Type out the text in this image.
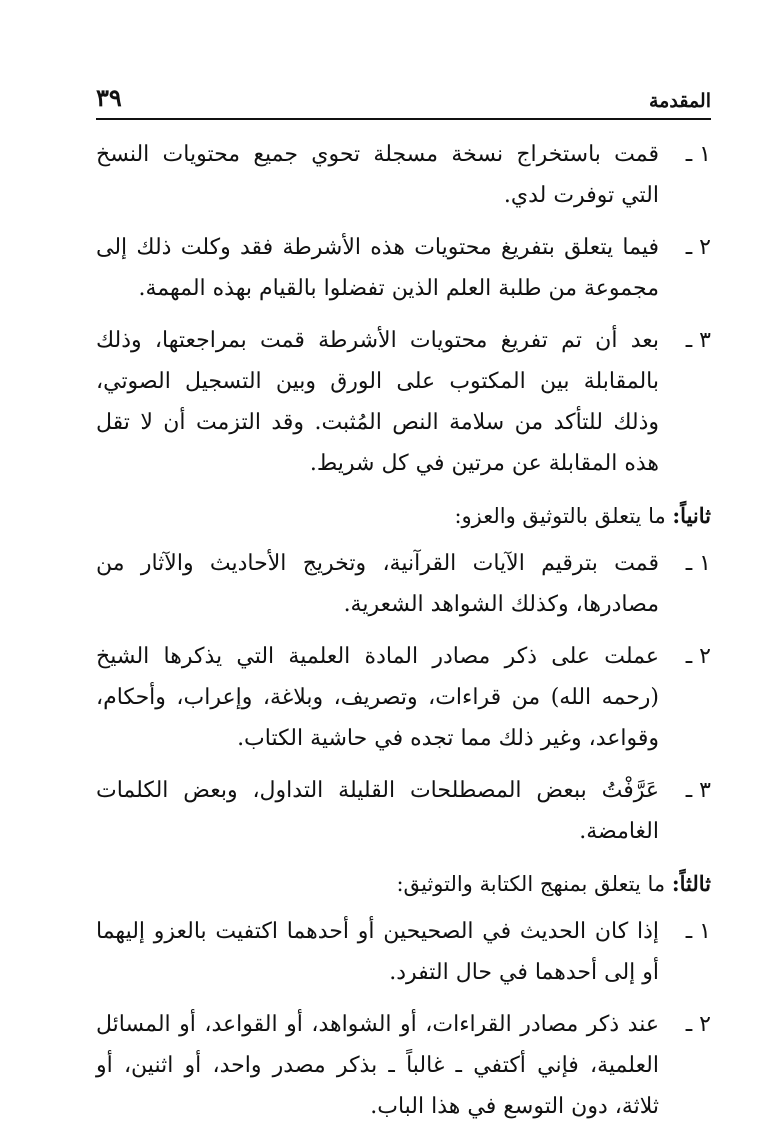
المقدمة
٣٩
١ ـ
قمت باستخراج نسخة مسجلة تحوي جميع محتويات النسخ التي توفرت لدي.
٢ ـ
فيما يتعلق بتفريغ محتويات هذه الأشرطة فقد وكلت ذلك إلى مجموعة من طلبة العلم الذين تفضلوا بالقيام بهذه المهمة.
٣ ـ
بعد أن تم تفريغ محتويات الأشرطة قمت بمراجعتها، وذلك بالمقابلة بين المكتوب على الورق وبين التسجيل الصوتي، وذلك للتأكد من سلامة النص المُثبت. وقد التزمت أن لا تقل هذه المقابلة عن مرتين في كل شريط.
ثانياً: ما يتعلق بالتوثيق والعزو:
١ ـ
قمت بترقيم الآيات القرآنية، وتخريج الأحاديث والآثار من مصادرها، وكذلك الشواهد الشعرية.
٢ ـ
عملت على ذكر مصادر المادة العلمية التي يذكرها الشيخ (رحمه الله) من قراءات، وتصريف، وبلاغة، وإعراب، وأحكام، وقواعد، وغير ذلك مما تجده في حاشية الكتاب.
٣ ـ
عَرَّفْتُ ببعض المصطلحات القليلة التداول، وبعض الكلمات الغامضة.
ثالثاً: ما يتعلق بمنهج الكتابة والتوثيق:
١ ـ
إذا كان الحديث في الصحيحين أو أحدهما اكتفيت بالعزو إليهما أو إلى أحدهما في حال التفرد.
٢ ـ
عند ذكر مصادر القراءات، أو الشواهد، أو القواعد، أو المسائل العلمية، فإني أكتفي ـ غالباً ـ بذكر مصدر واحد، أو اثنين، أو ثلاثة، دون التوسع في هذا الباب.
